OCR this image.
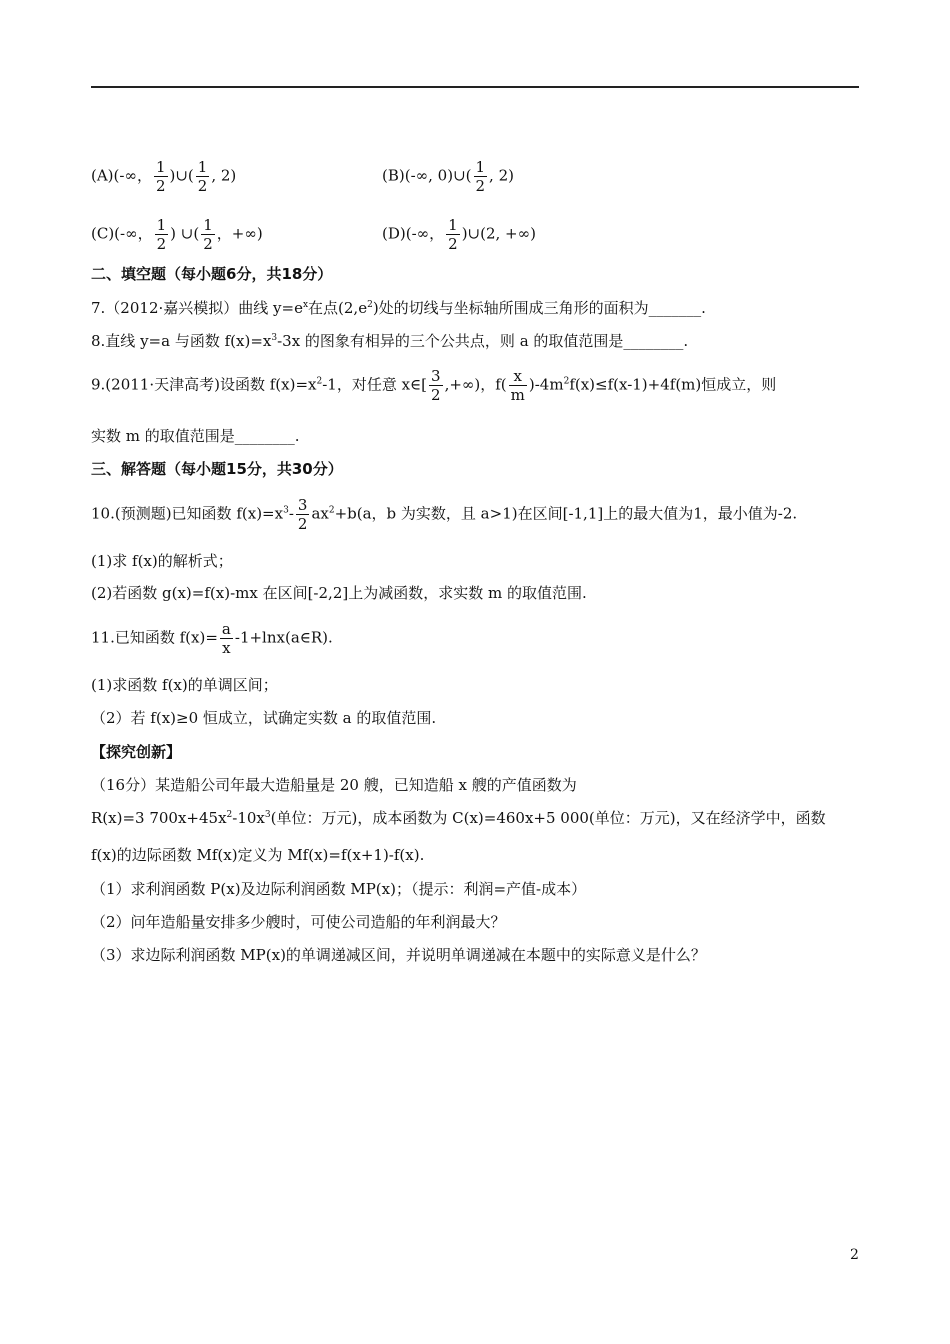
(A)(-∞， $\frac{1}{2}$ )∪( $\frac{1}{2}$ , 2)	(B)(-∞, 0)∪( $\frac{1}{2}$ , 2)
(C)(-∞， $\frac{1}{2}$ ) ∪( $\frac{1}{2}$ ，+∞)	(D)(-∞， $\frac{1}{2}$ )∪(2, +∞)
二、填空题（每小题6分，共18分）
7.（2012·嘉兴模拟）曲线 $y=e^x$在点$(2,e^2)$处的切线与坐标轴所围成三角形的面积为_______.
8.直线 y=a 与函数 $f(x)=x^3-3x$ 的图象有相异的三个公共点，则 a 的取值范围是________.
9.(2011·天津高考)设函数 $f(x)=x^2-1$，对任意 x∈[ $\frac{3}{2}$ ,+∞)，$f( \frac{x}{m} )-4m^2f(x)\le f(x-1)+4f(m)$恒成立，则
实数 m 的取值范围是________.
三、解答题（每小题15分，共30分）
10.(预测题)已知函数 $f(x)=x^3- \frac{3}{2} ax^2+b(a$，b 为实数，且 a>1)在区间[-1,1]上的最大值为1，最小值为-2.
(1)求 f(x)的解析式；
(2)若函数 g(x)=f(x)-mx 在区间[-2,2]上为减函数，求实数 m 的取值范围.
11.已知函数 $f(x)= \frac{a}{x}$ -1+lnx(a∈R).
(1)求函数 f(x)的单调区间；
（2）若 f(x)≥0 恒成立，试确定实数 a 的取值范围.
【探究创新】
（16分）某造船公司年最大造船量是 20 艘，已知造船 x 艘的产值函数为
R(x)=3 $700x+45x^2-10x^3$(单位：万元)，成本函数为 C(x)=460x+5 000(单位：万元)，又在经济学中，函数
f(x)的边际函数 Mf(x)定义为 Mf(x)=f(x+1)-f(x).
（1）求利润函数 P(x)及边际利润函数 MP(x)；（提示：利润=产值-成本）
（2）问年造船量安排多少艘时，可使公司造船的年利润最大？
（3）求边际利润函数 MP(x)的单调递减区间，并说明单调递减在本题中的实际意义是什么？
2
